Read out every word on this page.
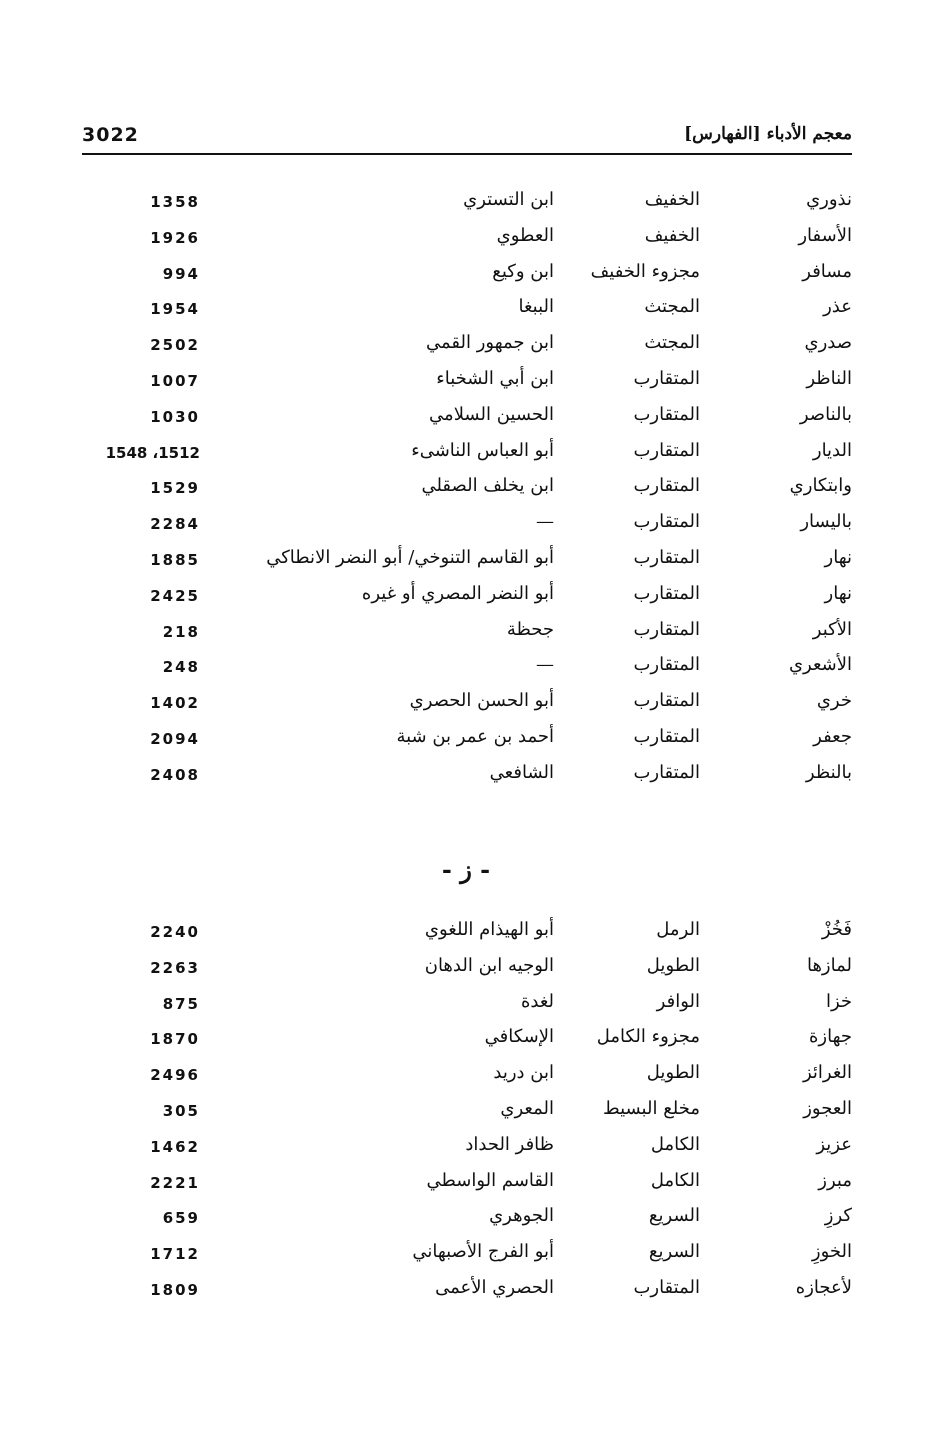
3022	معجم الأدباء [الفهارس]
نذوري
الخفيف
ابن التستري
1358
الأسفار
الخفيف
العطوي
1926
مسافر
مجزوء الخفيف
ابن وكيع
994
عذر
المجتث
الببغا
1954
صدري
المجتث
ابن جمهور القمي
2502
الناظر
المتقارب
ابن أبي الشخباء
1007
بالناصر
المتقارب
الحسين السلامي
1030
الديار
المتقارب
أبو العباس الناشىء
1548 ،1512
وابتكاري
المتقارب
ابن يخلف الصقلي
1529
باليسار
المتقارب
—
2284
نهار
المتقارب
أبو القاسم التنوخي/ أبو النضر الانطاكي
1885
نهار
المتقارب
أبو النضر المصري أو غيره
2425
الأكبر
المتقارب
جحظة
218
الأشعري
المتقارب
—
248
خري
المتقارب
أبو الحسن الحصري
1402
جعفر
المتقارب
أحمد بن عمر بن شبة
2094
بالنظر
المتقارب
الشافعي
2408
- ز -
فَخُزْ
الرمل
أبو الهيذام اللغوي
2240
لمازها
الطويل
الوجيه ابن الدهان
2263
خزا
الوافر
لغدة
875
جهازة
مجزوء الكامل
الإسكافي
1870
الغرائز
الطويل
ابن دريد
2496
العجوز
مخلع البسيط
المعري
305
عزيز
الكامل
ظافر الحداد
1462
مبرز
الكامل
القاسم الواسطي
2221
كرزِ
السريع
الجوهري
659
الخوزِ
السريع
أبو الفرج الأصبهاني
1712
لأعجازه
المتقارب
الحصري الأعمى
1809
